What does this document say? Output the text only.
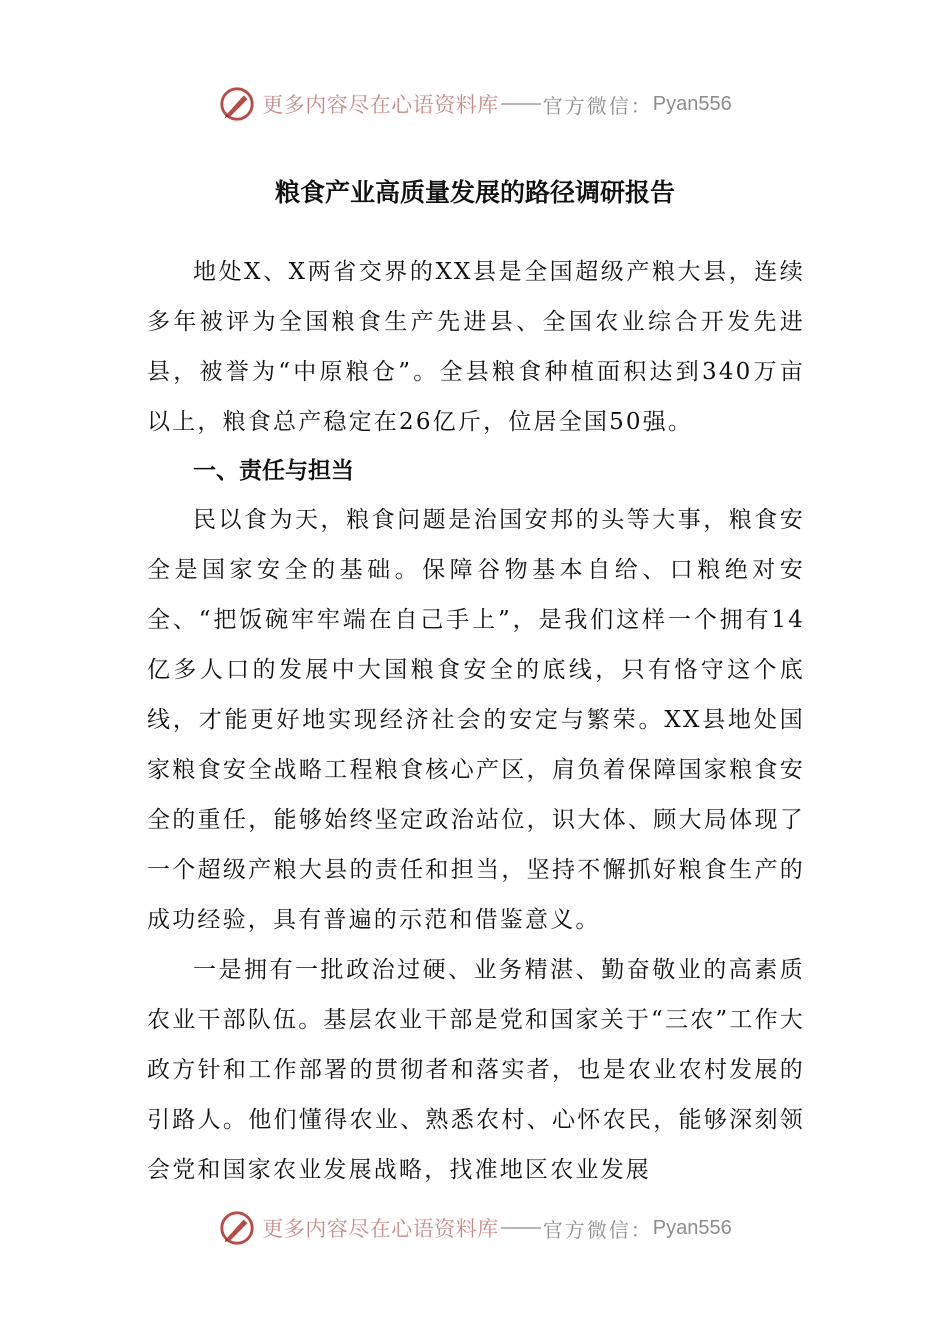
更多内容尽在心语资料库 官方微信： Pyan556
粮食产业高质量发展的路径调研报告

地处X、X两省交界的XX县是全国超级产粮大县，连续多年被评为全国粮食生产先进县、全国农业综合开发先进县，被誉为“中原粮仓”。全县粮食种植面积达到340万亩以上，粮食总产稳定在26亿斤，位居全国50强。

一、责任与担当

民以食为天，粮食问题是治国安邦的头等大事，粮食安全是国家安全的基础。保障谷物基本自给、口粮绝对安全、“把饭碗牢牢端在自己手上”，是我们这样一个拥有14亿多人口的发展中大国粮食安全的底线，只有恪守这个底线，才能更好地实现经济社会的安定与繁荣。XX县地处国家粮食安全战略工程粮食核心产区，肩负着保障国家粮食安全的重任，能够始终坚定政治站位，识大体、顾大局体现了一个超级产粮大县的责任和担当，坚持不懈抓好粮食生产的成功经验，具有普遍的示范和借鉴意义。

一是拥有一批政治过硬、业务精湛、勤奋敬业的高素质农业干部队伍。基层农业干部是党和国家关于“三农”工作大政方针和工作部署的贯彻者和落实者，也是农业农村发展的引路人。他们懂得农业、熟悉农村、心怀农民，能够深刻领会党和国家农业发展战略，找准地区农业发展

更多内容尽在心语资料库 官方微信： Pyan556
